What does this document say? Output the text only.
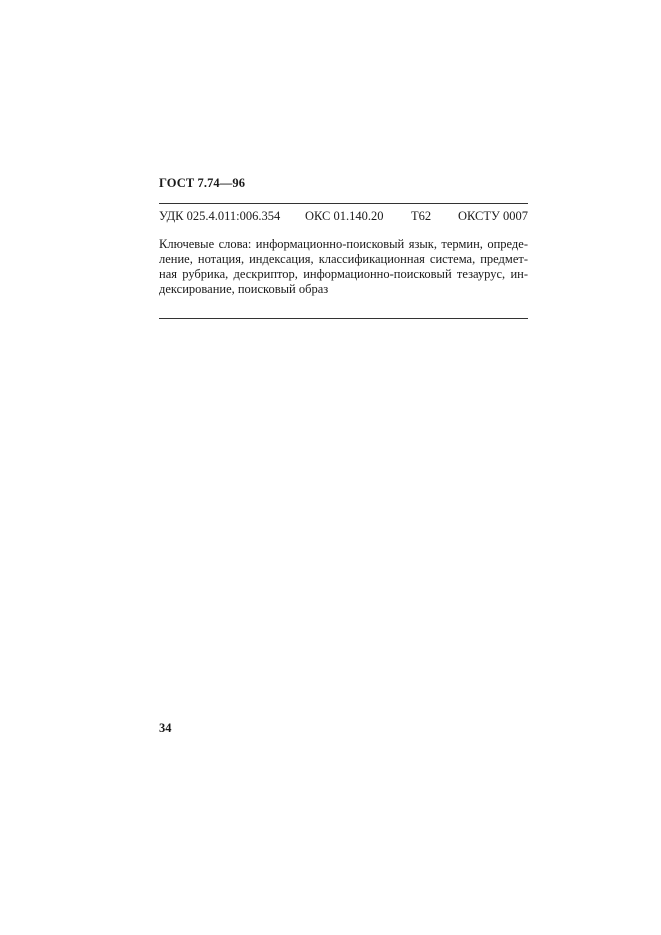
ГОСТ 7.74—96
УДК 025.4.011:006.354 ОКС 01.140.20 Т62 ОКСТУ 0007
Ключевые слова: информационно-поисковый язык, термин, опреде-
ление, нотация, индексация, классификационная система, предмет-
ная рубрика, дескриптор, информационно-поисковый тезаурус, ин-
дексирование, поисковый образ
34
